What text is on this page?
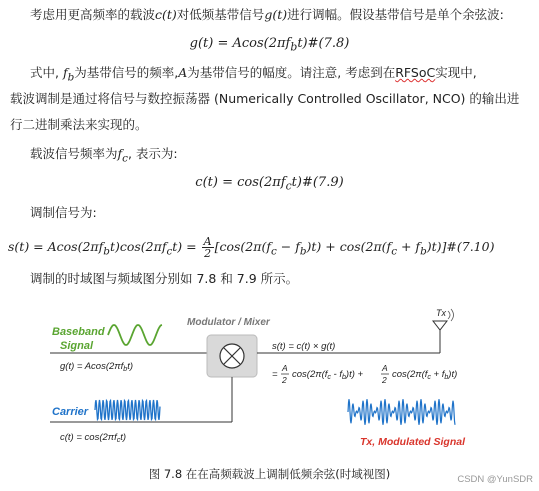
考虑用更高频率的载波c(t)对低频基带信号g(t)进行调幅。假设基带信号是单个余弦波:
$g(t) = Acos(2\pi f_bt)\#(7.8)$
式中, $f_b$为基带信号的频率,A为基带信号的幅度。请注意, 考虑到在RFSoC实现中,
载波调制是通过将信号与数控振荡器 (Numerically Controlled Oscillator, NCO) 的输出进
行二进制乘法来实现的。
载波信号频率为$f_c$, 表示为:
$c(t) = \cos(2\pi f_ct)\#(7.9)$
调制信号为:
$s(t) = Acos(2\pi f_bt)\cos(2\pi f_ct) = \frac{A}{2} [\cos(2\pi(f_c - f_b)t) + \cos(2\pi(f_c$ + $f_b)t)]\#(7.10)$
调制的时域图与频域图分别如 7.8 和 7.9 所示。
Baseband
Signal
$g(t) = Acos(2\pi f_bt)$
Modulator / Mixer
Tx
s(t) = c(t) × g(t)
=
A
2 $\cos(2\pi(f_c - f_b)t)$ +
A
2 $\cos(2\pi(f_c + f_b)t)$
Carrier
$c(t) = \cos(2\pi f_ct)$	Tx, Modulated Signal
图 7.8 在在高频载波上调制低频余弦(时域视图)	CSDN @YunSDR
